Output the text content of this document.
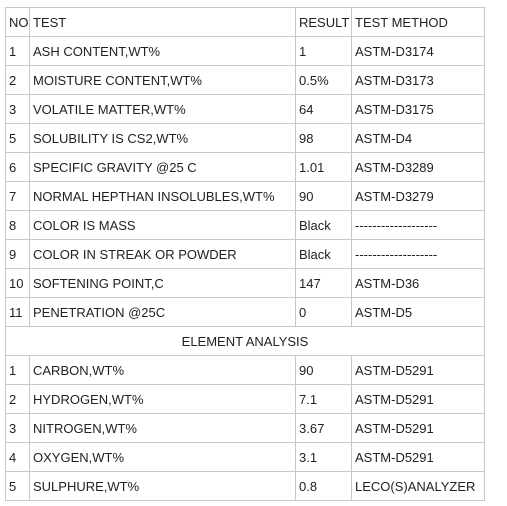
NO	TEST	RESULT	TEST METHOD
1	ASH CONTENT,WT%	1	ASTM-D3174
2	MOISTURE CONTENT,WT%	0.5%	ASTM-D3173
3	VOLATILE MATTER,WT%	64	ASTM-D3175
5	SOLUBILITY IS CS2,WT%	98	ASTM-D4
6	SPECIFIC GRAVITY @25 C	1.01	ASTM-D3289
7	NORMAL HEPTHAN INSOLUBLES,WT%	90	ASTM-D3279
8	COLOR IS MASS	Black	-------------------
9	COLOR IN STREAK OR POWDER	Black	-------------------
10	SOFTENING POINT,C	147	ASTM-D36
11	PENETRATION @25C	0	ASTM-D5
ELEMENT ANALYSIS			
1	CARBON,WT%	90	ASTM-D5291
2	HYDROGEN,WT%	7.1	ASTM-D5291
3	NITROGEN,WT%	3.67	ASTM-D5291
4	OXYGEN,WT%	3.1	ASTM-D5291
5	SULPHURE,WT%	0.8	LECO(S)ANALYZER
